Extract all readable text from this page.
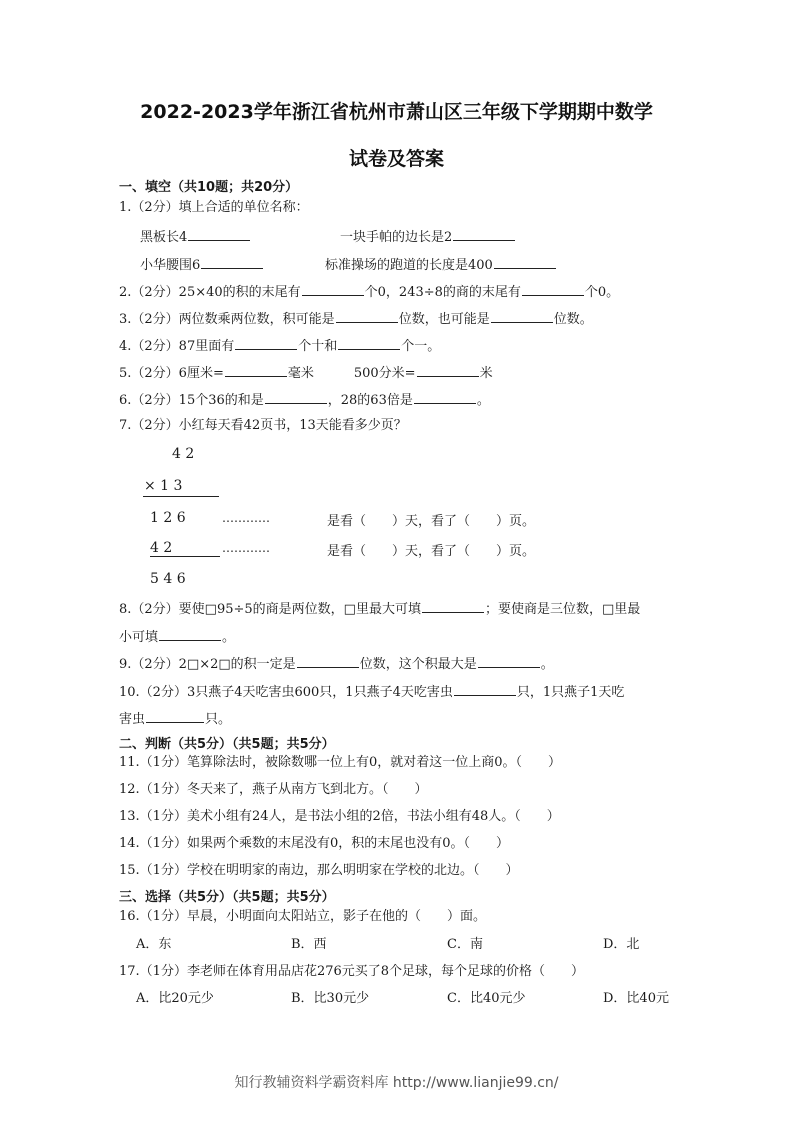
2022-2023学年浙江省杭州市萧山区三年级下学期期中数学
试卷及答案
一、填空（共10题；共20分）
1.（2分）填上合适的单位名称：
黑板长4	一块手帕的边长是2
小华腰围6	标准操场的跑道的长度是400
2.（2分）25×40的积的末尾有	个0，243÷8的商的末尾有	个0。
3.（2分）两位数乘两位数，积可能是	位数，也可能是	位数。
4.（2分）87里面有	个十和	个一。
5.（2分）6厘米=	毫米	500分米=	米
6.（2分）15个36的和是	，28的63倍是	。
7.（2分）小红每天看42页书，13天能看多少页？
4 2
× 1 3
1 2 6	…………	是看（　　）天，看了（　　）页。
4 2	…………	是看（　　）天，看了（　　）页。
5 4 6
8.（2分）要使□95÷5的商是两位数，□里最大可填	；要使商是三位数，□里最
小可填	。
9.（2分）2□×2□的积一定是	位数，这个积最大是	。
10.（2分）3只燕子4天吃害虫600只，1只燕子4天吃害虫	只，1只燕子1天吃
害虫	只。
二、判断（共5分）（共5题；共5分）
11.（1分）笔算除法时，被除数哪一位上有0，就对着这一位上商0。（　　）
12.（1分）冬天来了，燕子从南方飞到北方。（　　）
13.（1分）美术小组有24人，是书法小组的2倍，书法小组有48人。（　　）
14.（1分）如果两个乘数的末尾没有0，积的末尾也没有0。（　　）
15.（1分）学校在明明家的南边，那么明明家在学校的北边。（　　）
三、选择（共5分）（共5题；共5分）
16.（1分）早晨，小明面向太阳站立，影子在他的（　　）面。
A．东	B．西	C．南	D．北
17.（1分）李老师在体育用品店花276元买了8个足球，每个足球的价格（　　）
A．比20元少	B．比30元少	C．比40元少	D．比40元
知行教辅资料学霸资料库 http://www.lianjie99.cn/
